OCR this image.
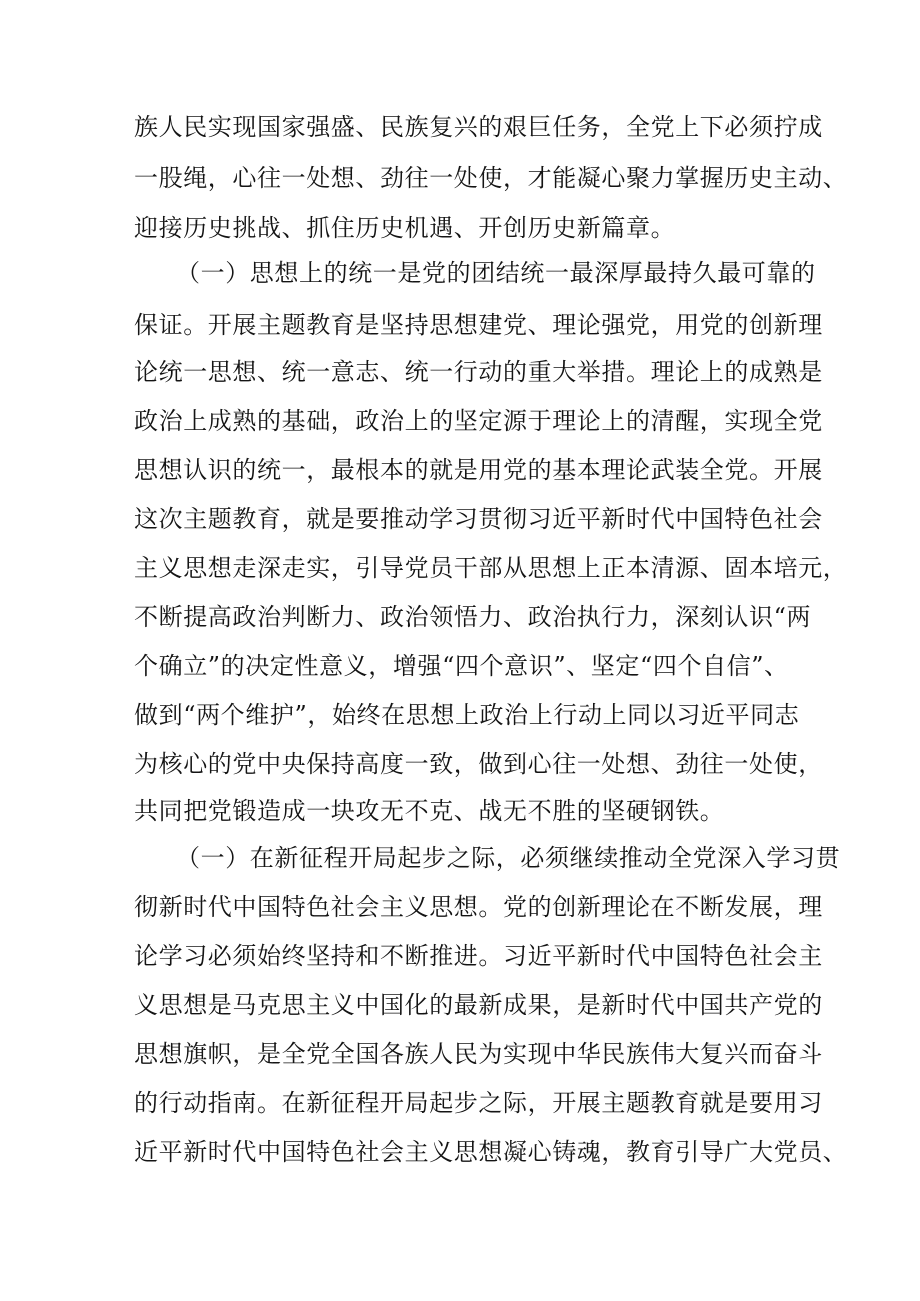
族人民实现国家强盛、民族复兴的艰巨任务，全党上下必须拧成
一股绳，心往一处想、劲往一处使，才能凝心聚力掌握历史主动、
迎接历史挑战、抓住历史机遇、开创历史新篇章。
（一）思想上的统一是党的团结统一最深厚最持久最可靠的
保证。开展主题教育是坚持思想建党、理论强党，用党的创新理
论统一思想、统一意志、统一行动的重大举措。理论上的成熟是
政治上成熟的基础，政治上的坚定源于理论上的清醒，实现全党
思想认识的统一，最根本的就是用党的基本理论武装全党。开展
这次主题教育，就是要推动学习贯彻习近平新时代中国特色社会
主义思想走深走实，引导党员干部从思想上正本清源、固本培元，
不断提高政治判断力、政治领悟力、政治执行力，深刻认识“两
个确立”的决定性意义，增强“四个意识”、坚定“四个自信”、
做到“两个维护”，始终在思想上政治上行动上同以习近平同志
为核心的党中央保持高度一致，做到心往一处想、劲往一处使，
共同把党锻造成一块攻无不克、战无不胜的坚硬钢铁。
（一）在新征程开局起步之际，必须继续推动全党深入学习贯
彻新时代中国特色社会主义思想。党的创新理论在不断发展，理
论学习必须始终坚持和不断推进。习近平新时代中国特色社会主
义思想是马克思主义中国化的最新成果，是新时代中国共产党的
思想旗帜，是全党全国各族人民为实现中华民族伟大复兴而奋斗
的行动指南。在新征程开局起步之际，开展主题教育就是要用习
近平新时代中国特色社会主义思想凝心铸魂，教育引导广大党员、
